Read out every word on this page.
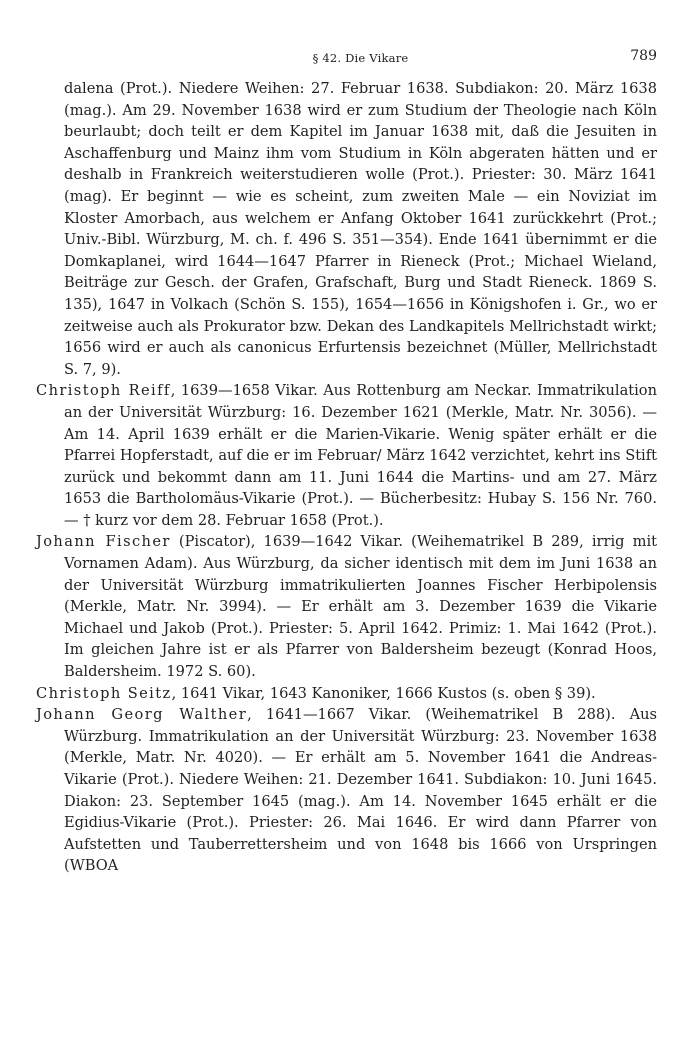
§ 42. Die Vikare	789

dalena (Prot.). Niedere Weihen: 27. Februar 1638. Subdiakon: 20. März 1638 (mag.). Am 29. November 1638 wird er zum Studium der Theologie nach Köln beurlaubt; doch teilt er dem Kapitel im Januar 1638 mit, daß die Jesuiten in Aschaffenburg und Mainz ihm vom Studium in Köln abgeraten hätten und er deshalb in Frankreich weiterstudieren wolle (Prot.). Priester: 30. März 1641 (mag). Er beginnt — wie es scheint, zum zweiten Male — ein Noviziat im Kloster Amorbach, aus welchem er Anfang Oktober 1641 zurückkehrt (Prot.; Univ.-Bibl. Würzburg, M. ch. f. 496 S. 351—354). Ende 1641 übernimmt er die Domkaplanei, wird 1644—1647 Pfarrer in Rieneck (Prot.; Michael Wieland, Beiträge zur Gesch. der Grafen, Grafschaft, Burg und Stadt Rieneck. 1869 S. 135), 1647 in Volkach (Schön S. 155), 1654—1656 in Königshofen i. Gr., wo er zeitweise auch als Prokurator bzw. Dekan des Landkapitels Mellrichstadt wirkt; 1656 wird er auch als canonicus Erfurtensis bezeichnet (Müller, Mellrichstadt S. 7, 9).

Christoph Reiff, 1639—1658 Vikar. Aus Rottenburg am Neckar. Immatrikulation an der Universität Würzburg: 16. Dezember 1621 (Merkle, Matr. Nr. 3056). — Am 14. April 1639 erhält er die Marien-Vikarie. Wenig später erhält er die Pfarrei Hopferstadt, auf die er im Februar/ März 1642 verzichtet, kehrt ins Stift zurück und bekommt dann am 11. Juni 1644 die Martins- und am 27. März 1653 die Bartholomäus-Vikarie (Prot.). — Bücherbesitz: Hubay S. 156 Nr. 760. — † kurz vor dem 28. Februar 1658 (Prot.).

Johann Fischer (Piscator), 1639—1642 Vikar. (Weihematrikel B 289, irrig mit Vornamen Adam). Aus Würzburg, da sicher identisch mit dem im Juni 1638 an der Universität Würzburg immatrikulierten Joannes Fischer Herbipolensis (Merkle, Matr. Nr. 3994). — Er erhält am 3. Dezember 1639 die Vikarie Michael und Jakob (Prot.). Priester: 5. April 1642. Primiz: 1. Mai 1642 (Prot.). Im gleichen Jahre ist er als Pfarrer von Baldersheim bezeugt (Konrad Hoos, Baldersheim. 1972 S. 60).

Christoph Seitz, 1641 Vikar, 1643 Kanoniker, 1666 Kustos (s. oben § 39).

Johann Georg Walther, 1641—1667 Vikar. (Weihematrikel B 288). Aus Würzburg. Immatrikulation an der Universität Würzburg: 23. November 1638 (Merkle, Matr. Nr. 4020). — Er erhält am 5. November 1641 die Andreas-Vikarie (Prot.). Niedere Weihen: 21. Dezember 1641. Subdiakon: 10. Juni 1645. Diakon: 23. September 1645 (mag.). Am 14. November 1645 erhält er die Egidius-Vikarie (Prot.). Priester: 26. Mai 1646. Er wird dann Pfarrer von Aufstetten und Tauberrettersheim und von 1648 bis 1666 von Urspringen (WBOA
